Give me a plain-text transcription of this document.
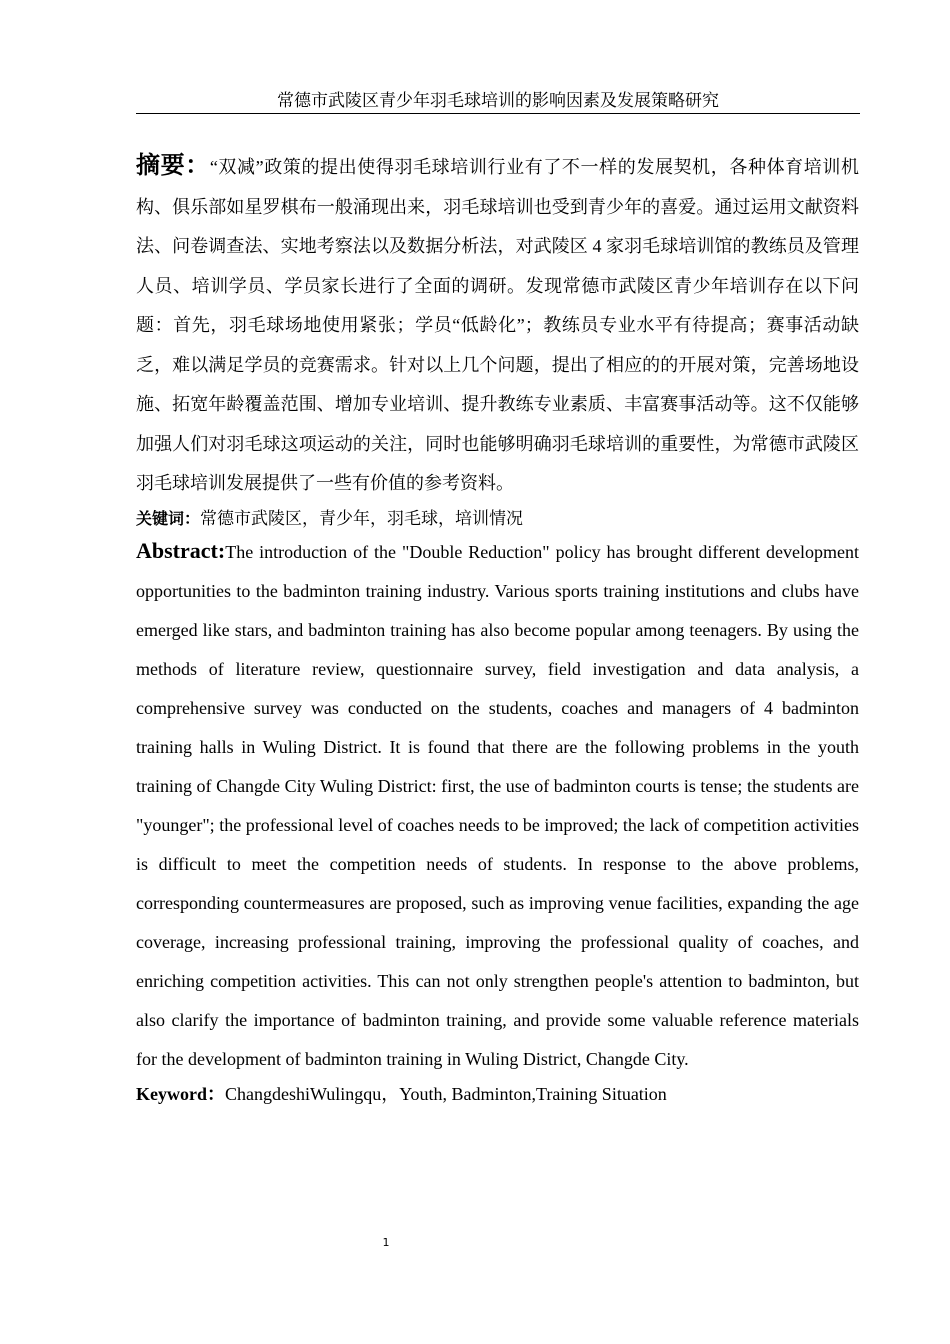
常德市武陵区青少年羽毛球培训的影响因素及发展策略研究

摘要：“双减”政策的提出使得羽毛球培训行业有了不一样的发展契机，各种体育培训机构、俱乐部如星罗棋布一般涌现出来，羽毛球培训也受到青少年的喜爱。通过运用文献资料法、问卷调查法、实地考察法以及数据分析法，对武陵区 4 家羽毛球培训馆的教练员及管理人员、培训学员、学员家长进行了全面的调研。发现常德市武陵区青少年培训存在以下问题：首先，羽毛球场地使用紧张；学员“低龄化”；教练员专业水平有待提高；赛事活动缺乏，难以满足学员的竞赛需求。针对以上几个问题，提出了相应的的开展对策，完善场地设施、拓宽年龄覆盖范围、增加专业培训、提升教练专业素质、丰富赛事活动等。这不仅能够加强人们对羽毛球这项运动的关注，同时也能够明确羽毛球培训的重要性，为常德市武陵区羽毛球培训发展提供了一些有价值的参考资料。

关键词：常德市武陵区，青少年，羽毛球，培训情况

Abstract:The introduction of the "Double Reduction" policy has brought different development opportunities to the badminton training industry. Various sports training institutions and clubs have emerged like stars, and badminton training has also become popular among teenagers. By using the methods of literature review, questionnaire survey, field investigation and data analysis, a comprehensive survey was conducted on the students, coaches and managers of 4 badminton training halls in Wuling District. It is found that there are the following problems in the youth training of Changde City Wuling District: first, the use of badminton courts is tense; the students are "younger"; the professional level of coaches needs to be improved; the lack of competition activities is difficult to meet the competition needs of students. In response to the above problems, corresponding countermeasures are proposed, such as improving venue facilities, expanding the age coverage, increasing professional training, improving the professional quality of coaches, and enriching competition activities. This can not only strengthen people's attention to badminton, but also clarify the importance of badminton training, and provide some valuable reference materials for the development of badminton training in Wuling District, Changde City.

Keyword：ChangdeshiWulingqu，Youth, Badminton,Training Situation

1
